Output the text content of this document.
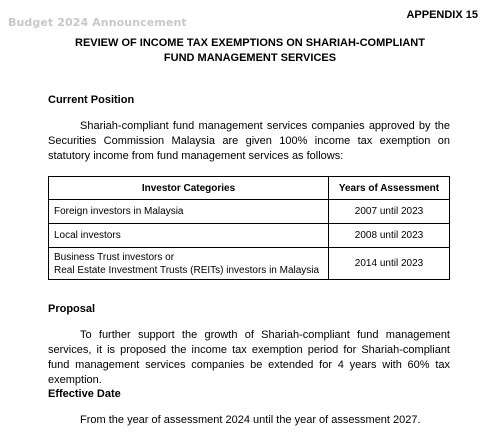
Budget 2024 Announcement
APPENDIX 15
REVIEW OF INCOME TAX EXEMPTIONS ON SHARIAH-COMPLIANT
FUND MANAGEMENT SERVICES
Current Position
Shariah-compliant fund management services companies approved by the Securities Commission Malaysia are given 100% income tax exemption on statutory income from fund management services as follows:
Investor Categories	Years of Assessment

Foreign investors in Malaysia	2007 until 2023

Local investors	2008 until 2023

Business Trust investors or
Real Estate Investment Trusts (REITs) investors in Malaysia	2014 until 2023
Proposal
To further support the growth of Shariah-compliant fund management services, it is proposed the income tax exemption period for Shariah-compliant fund management services companies be extended for 4 years with 60% tax exemption.
Effective Date
From the year of assessment 2024 until the year of assessment 2027.
